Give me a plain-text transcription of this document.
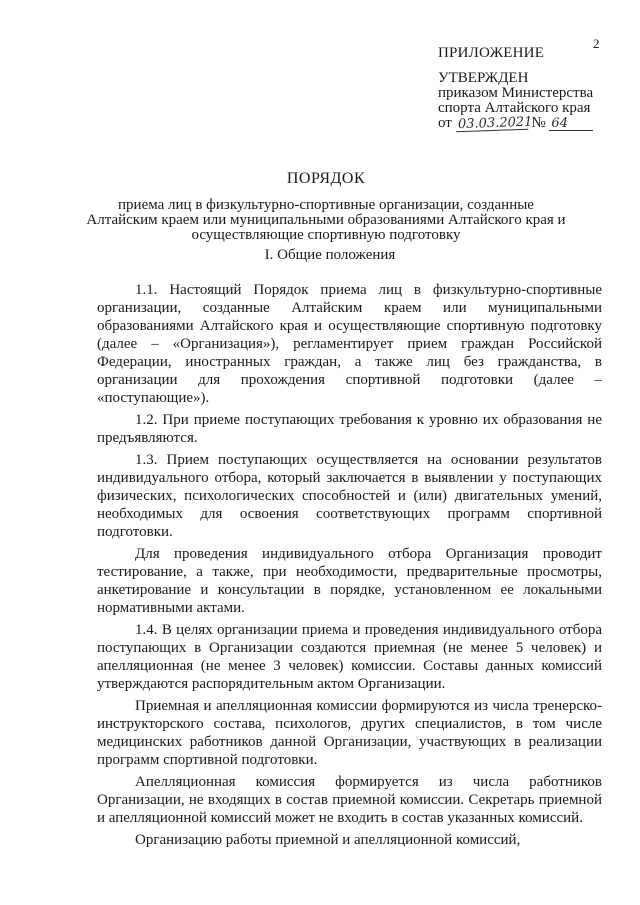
2
ПРИЛОЖЕНИЕ
УТВЕРЖДЕН
приказом Министерства
спорта Алтайского края
от 03.03.2021 № 64
ПОРЯДОК
приема лиц в физкультурно-спортивные организации, созданные Алтайским краем или муниципальными образованиями Алтайского края и осуществляющие спортивную подготовку
I. Общие положения

1.1. Настоящий Порядок приема лиц в физкультурно-спортивные организации, созданные Алтайским краем или муниципальными образованиями Алтайского края и осуществляющие спортивную подготовку (далее – «Организация»), регламентирует прием граждан Российской Федерации, иностранных граждан, а также лиц без гражданства, в организации для прохождения спортивной подготовки (далее – «поступающие»).

1.2. При приеме поступающих требования к уровню их образования не предъявляются.

1.3. Прием поступающих осуществляется на основании результатов индивидуального отбора, который заключается в выявлении у поступающих физических, психологических способностей и (или) двигательных умений, необходимых для освоения соответствующих программ спортивной подготовки.

Для проведения индивидуального отбора Организация проводит тестирование, а также, при необходимости, предварительные просмотры, анкетирование и консультации в порядке, установленном ее локальными нормативными актами.

1.4. В целях организации приема и проведения индивидуального отбора поступающих в Организации создаются приемная (не менее 5 человек) и апелляционная (не менее 3 человек) комиссии. Составы данных комиссий утверждаются распорядительным актом Организации.

Приемная и апелляционная комиссии формируются из числа тренерско-инструкторского состава, психологов, других специалистов, в том числе медицинских работников данной Организации, участвующих в реализации программ спортивной подготовки.

Апелляционная комиссия формируется из числа работников Организации, не входящих в состав приемной комиссии. Секретарь приемной и апелляционной комиссий может не входить в состав указанных комиссий.

Организацию работы приемной и апелляционной комиссий,
